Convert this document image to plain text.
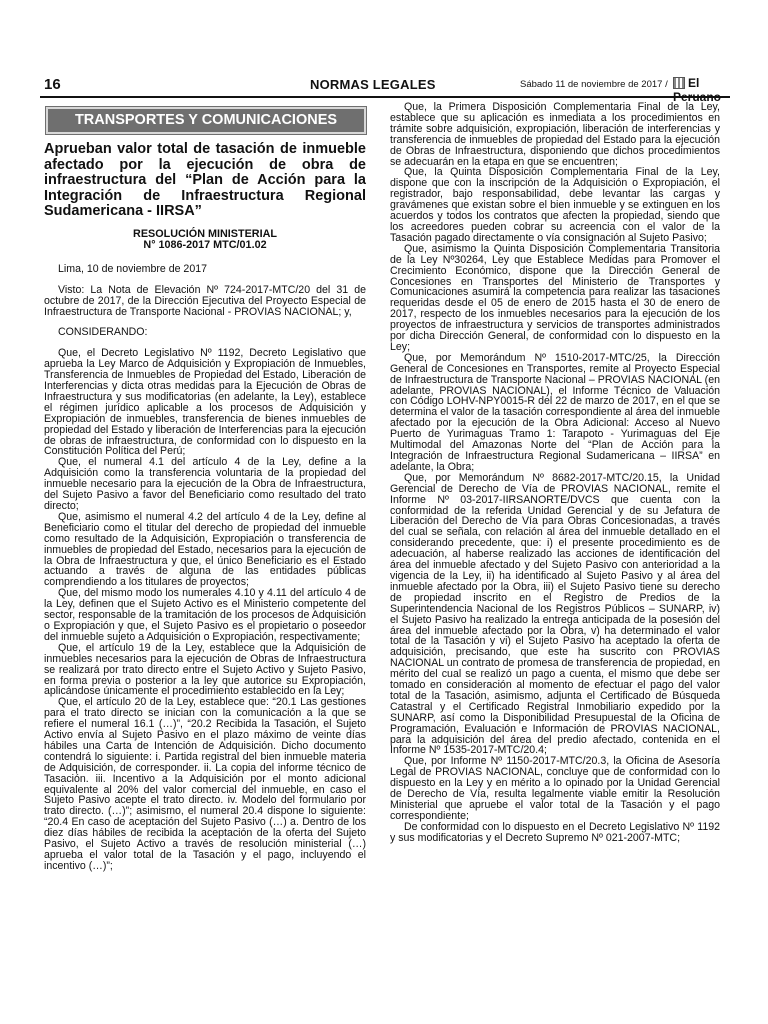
16	NORMAS LEGALES	Sábado 11 de noviembre de 2017 /	El
TRANSPORTES Y COMUNICACIONES
Aprueban valor total de tasación de inmueble afectado por la ejecución de obra de infraestructura del “Plan de Acción para la Integración de Infraestructura Regional Sudamericana - IIRSA”
RESOLUCIÓN MINISTERIAL
N° 1086-2017 MTC/01.02

Lima, 10 de noviembre de 2017

Visto: La Nota de Elevación Nº 724-2017-MTC/20 del 31 de octubre de 2017, de la Dirección Ejecutiva del Proyecto Especial de Infraestructura de Transporte Nacional - PROVIAS NACIONAL; y,

CONSIDERANDO:

Que, el Decreto Legislativo Nº 1192, Decreto Legislativo que aprueba la Ley Marco de Adquisición y Expropiación de Inmuebles, Transferencia de Inmuebles de Propiedad del Estado, Liberación de Interferencias y dicta otras medidas para la Ejecución de Obras de Infraestructura y sus modificatorias (en adelante, la Ley), establece el régimen jurídico aplicable a los procesos de Adquisición y Expropiación de inmuebles, transferencia de bienes inmuebles de propiedad del Estado y liberación de Interferencias para la ejecución de obras de infraestructura, de conformidad con lo dispuesto en la Constitución Política del Perú;

Que, el numeral 4.1 del artículo 4 de la Ley, define a la Adquisición como la transferencia voluntaria de la propiedad del inmueble necesario para la ejecución de la Obra de Infraestructura, del Sujeto Pasivo a favor del Beneficiario como resultado del trato directo;

Que, asimismo el numeral 4.2 del artículo 4 de la Ley, define al Beneficiario como el titular del derecho de propiedad del inmueble como resultado de la Adquisición, Expropiación o transferencia de inmuebles de propiedad del Estado, necesarios para la ejecución de la Obra de Infraestructura y que, el único Beneficiario es el Estado actuando a través de alguna de las entidades públicas comprendiendo a los titulares de proyectos;

Que, del mismo modo los numerales 4.10 y 4.11 del artículo 4 de la Ley, definen que el Sujeto Activo es el Ministerio competente del sector, responsable de la tramitación de los procesos de Adquisición o Expropiación y que, el Sujeto Pasivo es el propietario o poseedor del inmueble sujeto a Adquisición o Expropiación, respectivamente;

Que, el artículo 19 de la Ley, establece que la Adquisición de inmuebles necesarios para la ejecución de Obras de Infraestructura se realizará por trato directo entre el Sujeto Activo y Sujeto Pasivo, en forma previa o posterior a la ley que autorice su Expropiación, aplicándose únicamente el procedimiento establecido en la Ley;

Que, el artículo 20 de la Ley, establece que: “20.1 Las gestiones para el trato directo se inician con la comunicación a la que se refiere el numeral 16.1 (…)”, “20.2 Recibida la Tasación, el Sujeto Activo envía al Sujeto Pasivo en el plazo máximo de veinte días hábiles una Carta de Intención de Adquisición. Dicho documento contendrá lo siguiente: i. Partida registral del bien inmueble materia de Adquisición, de corresponder. ii. La copia del informe técnico de Tasación. iii. Incentivo a la Adquisición por el monto adicional equivalente al 20% del valor comercial del inmueble, en caso el Sujeto Pasivo acepte el trato directo. iv. Modelo del formulario por trato directo. (…)”; asimismo, el numeral 20.4 dispone lo siguiente: “20.4 En caso de aceptación del Sujeto Pasivo (…) a. Dentro de los diez días hábiles de recibida la aceptación de la oferta del Sujeto Pasivo, el Sujeto Activo a través de resolución ministerial (…) aprueba el valor total de la Tasación y el pago, incluyendo el incentivo (…)”;

Que, la Primera Disposición Complementaria Final de la Ley, establece que su aplicación es inmediata a los procedimientos en trámite sobre adquisición, expropiación, liberación de interferencias y transferencia de inmuebles de propiedad del Estado para la ejecución de Obras de Infraestructura, disponiendo que dichos procedimientos se adecuarán en la etapa en que se encuentren;

Que, la Quinta Disposición Complementaria Final de la Ley, dispone que con la inscripción de la Adquisición o Expropiación, el registrador, bajo responsabilidad, debe levantar las cargas y gravámenes que existan sobre el bien inmueble y se extinguen en los acuerdos y todos los contratos que afecten la propiedad, siendo que los acreedores pueden cobrar su acreencia con el valor de la Tasación pagado directamente o vía consignación al Sujeto Pasivo;

Que, asimismo la Quinta Disposición Complementaria Transitoria de la Ley Nº30264, Ley que Establece Medidas para Promover el Crecimiento Económico, dispone que la Dirección General de Concesiones en Transportes del Ministerio de Transportes y Comunicaciones asumirá la competencia para realizar las tasaciones requeridas desde el 05 de enero de 2015 hasta el 30 de enero de 2017, respecto de los inmuebles necesarios para la ejecución de los proyectos de infraestructura y servicios de transportes administrados por dicha Dirección General, de conformidad con lo dispuesto en la Ley;

Que, por Memorándum Nº 1510-2017-MTC/25, la Dirección General de Concesiones en Transportes, remite al Proyecto Especial de Infraestructura de Transporte Nacional – PROVIAS NACIONAL (en adelante, PROVIAS NACIONAL), el Informe Técnico de Valuación con Código LOHV-NPY0015-R del 22 de marzo de 2017, en el que se determina el valor de la tasación correspondiente al área del inmueble afectado por la ejecución de la Obra Adicional: Acceso al Nuevo Puerto de Yurimaguas Tramo 1: Tarapoto - Yurimaguas del Eje Multimodal del Amazonas Norte del “Plan de Acción para la Integración de Infraestructura Regional Sudamericana – IIRSA” en adelante, la Obra;

Que, por Memorándum Nº 8682-2017-MTC/20.15, la Unidad Gerencial de Derecho de Vía de PROVIAS NACIONAL, remite el Informe Nº 03-2017-IIRSANORTE/DVCS que cuenta con la conformidad de la referida Unidad Gerencial y de su Jefatura de Liberación del Derecho de Vía para Obras Concesionadas, a través del cual se señala, con relación al área del inmueble detallado en el considerando precedente, que: i) el presente procedimiento es de adecuación, al haberse realizado las acciones de identificación del área del inmueble afectado y del Sujeto Pasivo con anterioridad a la vigencia de la Ley, ii) ha identificado al Sujeto Pasivo y al área del inmueble afectado por la Obra, iii) el Sujeto Pasivo tiene su derecho de propiedad inscrito en el Registro de Predios de la Superintendencia Nacional de los Registros Públicos – SUNARP, iv) el Sujeto Pasivo ha realizado la entrega anticipada de la posesión del área del inmueble afectado por la Obra, v) ha determinado el valor total de la Tasación y vi) el Sujeto Pasivo ha aceptado la oferta de adquisición, precisando, que este ha suscrito con PROVIAS NACIONAL un contrato de promesa de transferencia de propiedad, en mérito del cual se realizó un pago a cuenta, el mismo que debe ser tomado en consideración al momento de efectuar el pago del valor total de la Tasación, asimismo, adjunta el Certificado de Búsqueda Catastral y el Certificado Registral Inmobiliario expedido por la SUNARP, así como la Disponibilidad Presupuestal de la Oficina de Programación, Evaluación e Información de PROVIAS NACIONAL, para la adquisición del área del predio afectado, contenida en el Informe Nº 1535-2017-MTC/20.4;

Que, por Informe Nº 1150-2017-MTC/20.3, la Oficina de Asesoría Legal de PROVIAS NACIONAL, concluye que de conformidad con lo dispuesto en la Ley y en mérito a lo opinado por la Unidad Gerencial de Derecho de Vía, resulta legalmente viable emitir la Resolución Ministerial que apruebe el valor total de la Tasación y el pago correspondiente;

De conformidad con lo dispuesto en el Decreto Legislativo Nº 1192 y sus modificatorias y el Decreto Supremo Nº 021-2007-MTC;
